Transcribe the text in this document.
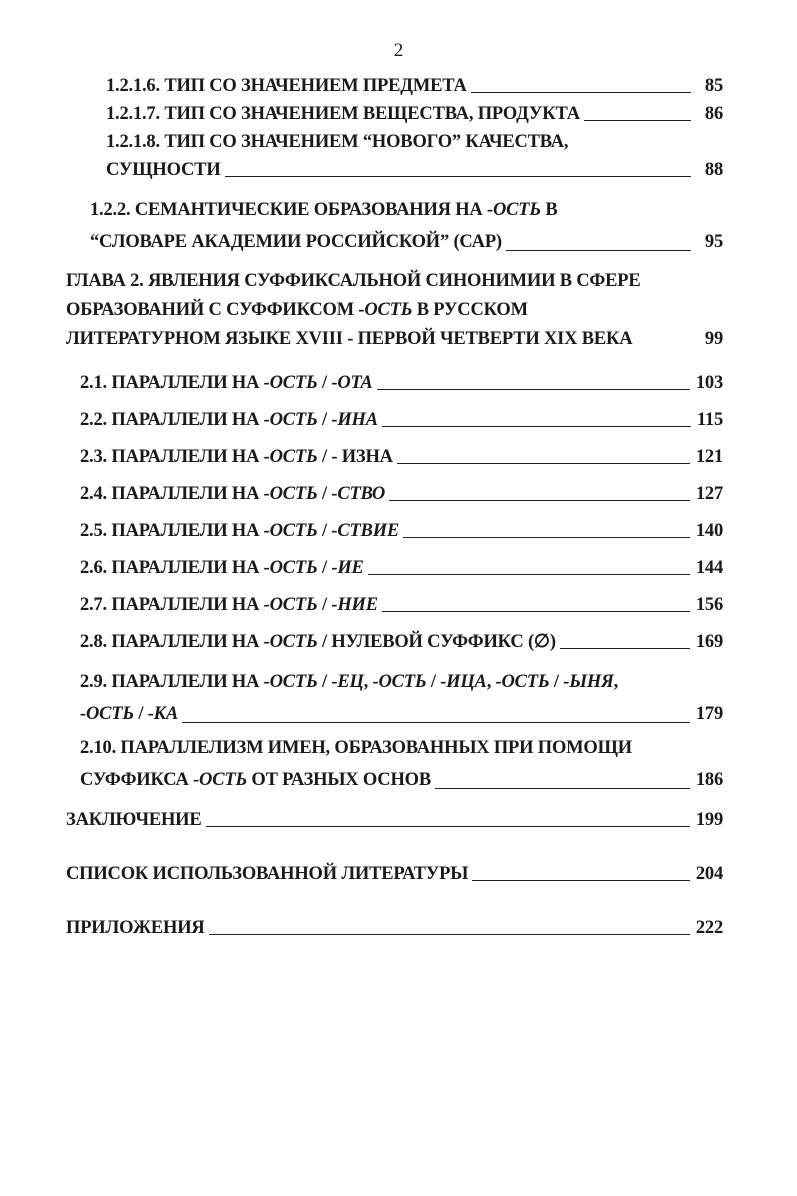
2
1.2.1.6. ТИП СО ЗНАЧЕНИЕМ ПРЕДМЕТА	85
1.2.1.7. ТИП СО ЗНАЧЕНИЕМ ВЕЩЕСТВА, ПРОДУКТА	86
1.2.1.8. ТИП СО ЗНАЧЕНИЕМ “НОВОГО” КАЧЕСТВА,
СУЩНОСТИ	88
1.2.2. СЕМАНТИЧЕСКИЕ ОБРАЗОВАНИЯ НА -ОСТЬ В
“СЛОВАРЕ АКАДЕМИИ РОССИЙСКОЙ” (САР)	95
ГЛАВА 2. ЯВЛЕНИЯ СУФФИКСАЛЬНОЙ СИНОНИМИИ В СФЕРЕ
ОБРАЗОВАНИЙ С СУФФИКСОМ -ОСТЬ В РУССКОМ
ЛИТЕРАТУРНОМ ЯЗЫКЕ XVIII - ПЕРВОЙ ЧЕТВЕРТИ XIX ВЕКА	99
2.1. ПАРАЛЛЕЛИ НА -ОСТЬ / -ОТА	103
2.2. ПАРАЛЛЕЛИ НА -ОСТЬ / -ИНА	115
2.3. ПАРАЛЛЕЛИ НА -ОСТЬ / - ИЗНА	121
2.4. ПАРАЛЛЕЛИ НА -ОСТЬ / -СТВО	127
2.5. ПАРАЛЛЕЛИ НА -ОСТЬ / -СТВИЕ	140
2.6. ПАРАЛЛЕЛИ НА -ОСТЬ / -ИЕ	144
2.7. ПАРАЛЛЕЛИ НА -ОСТЬ / -НИЕ	156
2.8. ПАРАЛЛЕЛИ НА -ОСТЬ / НУЛЕВОЙ СУФФИКС (∅)	169
2.9. ПАРАЛЛЕЛИ НА -ОСТЬ / -ЕЦ, -ОСТЬ / -ИЦА, -ОСТЬ / -ЫНЯ,
-ОСТЬ / -КА	179
2.10. ПАРАЛЛЕЛИЗМ ИМЕН, ОБРАЗОВАННЫХ ПРИ ПОМОЩИ
СУФФИКСА -ОСТЬ ОТ РАЗНЫХ ОСНОВ	186
ЗАКЛЮЧЕНИЕ	199
СПИСОК ИСПОЛЬЗОВАННОЙ ЛИТЕРАТУРЫ	204
ПРИЛОЖЕНИЯ	222
